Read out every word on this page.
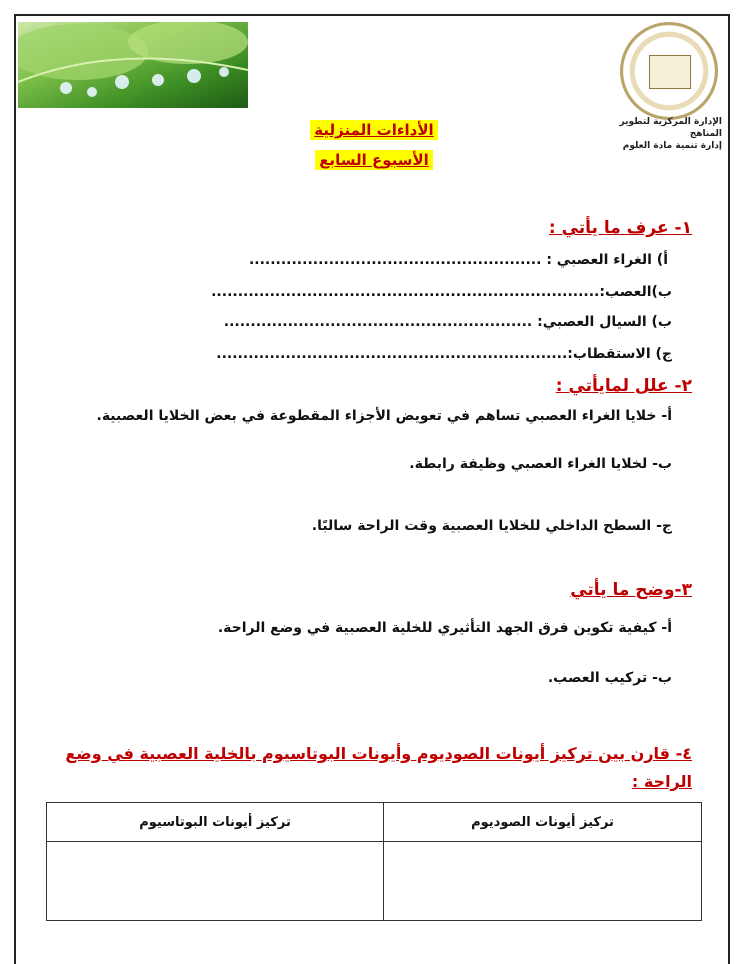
الإدارة المركزية لتطوير المناهج
إدارة تنمية مادة العلوم
الأداءات المنزلية
الأسبوع السابع
١- عرف ما يأتي :
أ) الغراء العصبي : .......................................................
ب)العصب:.........................................................................
ب) السيال العصبي: ..........................................................
ج) الاستقطاب:..................................................................
٢- علل لمايأتي :
أ- خلايا الغراء العصبي تساهم في تعويض الأجزاء المقطوعة في بعض الخلايا العصبية.
ب- لخلايا الغراء العصبي وظيفة رابطة.
ج- السطح الداخلي للخلايا العصبية وقت الراحة سالبًا.
٣-وضح ما يأتي
أ- كيفية تكوين فرق الجهد التأثيري للخلية العصبية في وضع الراحة.
ب- تركيب العصب.
٤- قارن بين تركيز أيونات الصوديوم وأيونات البوتاسيوم بالخلية العصبية في وضع
الراحة :
تركيز أيونات البوتاسيوم	تركيز أيونات الصوديوم
